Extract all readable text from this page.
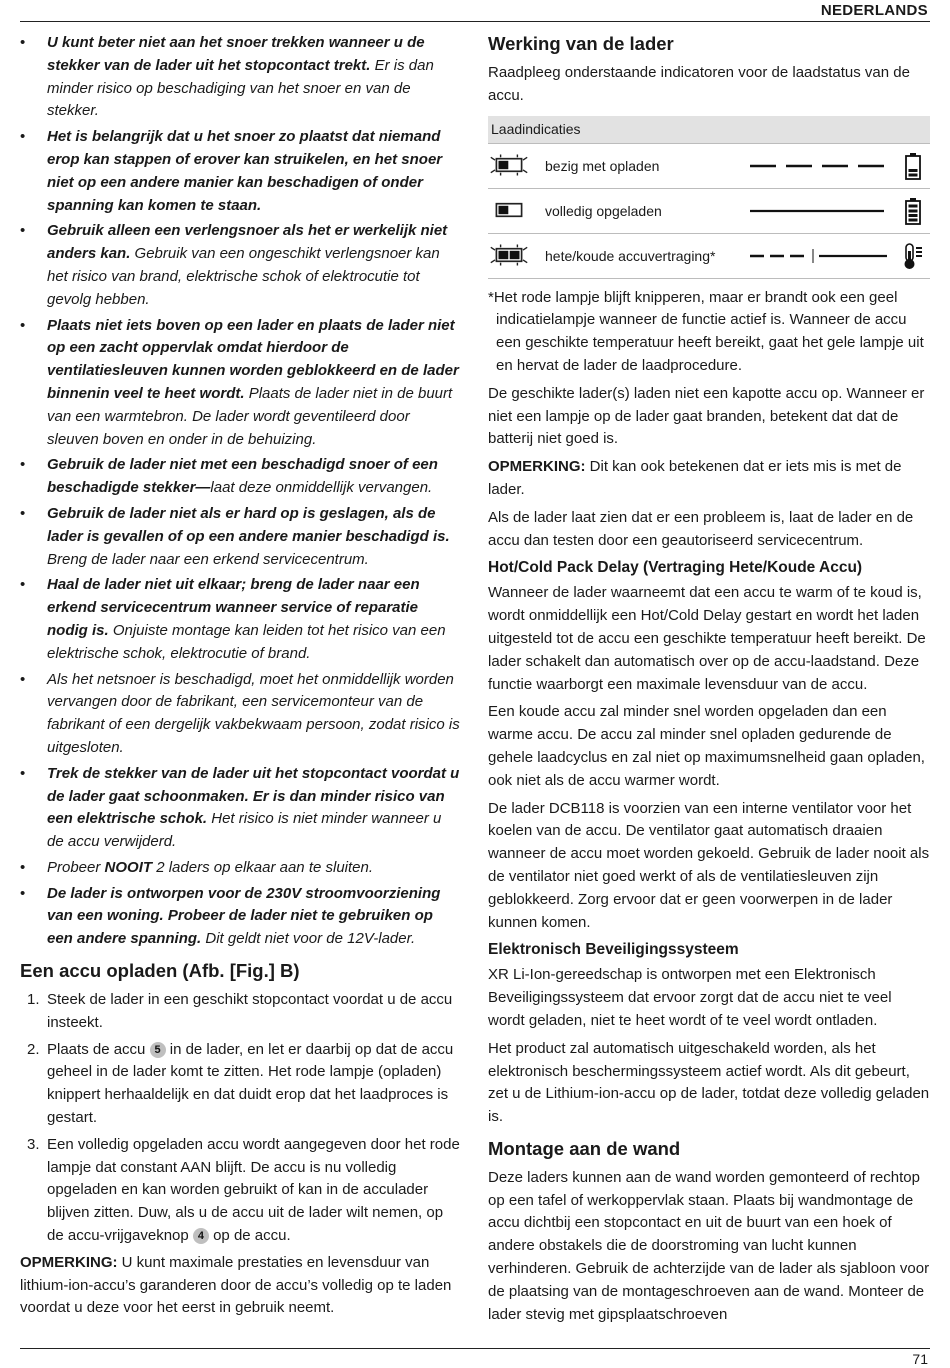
NEDERLANDS
• U kunt beter niet aan het snoer trekken wanneer u de stekker van de lader uit het stopcontact trekt. Er is dan minder risico op beschadiging van het snoer en van de stekker.
• Het is belangrijk dat u het snoer zo plaatst dat niemand erop kan stappen of erover kan struikelen, en het snoer niet op een andere manier kan beschadigen of onder spanning kan komen te staan.
• Gebruik alleen een verlengsnoer als het er werkelijk niet anders kan. Gebruik van een ongeschikt verlengsnoer kan het risico van brand, elektrische schok of elektrocutie tot gevolg hebben.
• Plaats niet iets boven op een lader en plaats de lader niet op een zacht oppervlak omdat hierdoor de ventilatiesleuven kunnen worden geblokkeerd en de lader binnenin veel te heet wordt. Plaats de lader niet in de buurt van een warmtebron. De lader wordt geventileerd door sleuven boven en onder in de behuizing.
• Gebruik de lader niet met een beschadigd snoer of een beschadigde stekker—laat deze onmiddellijk vervangen.
• Gebruik de lader niet als er hard op is geslagen, als de lader is gevallen of op een andere manier beschadigd is. Breng de lader naar een erkend servicecentrum.
• Haal de lader niet uit elkaar; breng de lader naar een erkend servicecentrum wanneer service of reparatie nodig is. Onjuiste montage kan leiden tot het risico van een elektrische schok, elektrocutie of brand.
• Als het netsnoer is beschadigd, moet het onmiddellijk worden vervangen door de fabrikant, een servicemonteur van de fabrikant of een dergelijk vakbekwaam persoon, zodat risico is uitgesloten.
• Trek de stekker van de lader uit het stopcontact voordat u de lader gaat schoonmaken. Er is dan minder risico van een elektrische schok. Het risico is niet minder wanneer u de accu verwijderd.
• Probeer NOOIT 2 laders op elkaar aan te sluiten.
• De lader is ontworpen voor de 230V stroomvoorziening van een woning. Probeer de lader niet te gebruiken op een andere spanning. Dit geldt niet voor de 12V-lader.
Een accu opladen (Afb. [Fig.] B)
1. Steek de lader in een geschikt stopcontact voordat u de accu insteekt.
2. Plaats de accu 5 in de lader, en let er daarbij op dat de accu geheel in de lader komt te zitten. Het rode lampje (opladen) knippert herhaaldelijk en dat duidt erop dat het laadproces is gestart.
3. Een volledig opgeladen accu wordt aangegeven door het rode lampje dat constant AAN blijft. De accu is nu volledig opgeladen en kan worden gebruikt of kan in de acculader blijven zitten. Duw, als u de accu uit de lader wilt nemen, op de accu-vrijgaveknop 4 op de accu.

OPMERKING: U kunt maximale prestaties en levensduur van lithium-ion-accu’s garanderen door de accu’s volledig op te laden voordat u deze voor het eerst in gebruik neemt.

Werking van de lader

Raadpleeg onderstaande indicatoren voor de laadstatus van de accu.

Laadindicaties
bezig met opladen
volledig opgeladen
hete/koude accuvertraging*

*Het rode lampje blijft knipperen, maar er brandt ook een geel indicatielampje wanneer de functie actief is. Wanneer de accu een geschikte temperatuur heeft bereikt, gaat het gele lampje uit en hervat de lader de laadprocedure.

De geschikte lader(s) laden niet een kapotte accu op. Wanneer er niet een lampje op de lader gaat branden, betekent dat dat de batterij niet goed is.

OPMERKING: Dit kan ook betekenen dat er iets mis is met de lader.

Als de lader laat zien dat er een probleem is, laat de lader en de accu dan testen door een geautoriseerd servicecentrum.

Hot/Cold Pack Delay (Vertraging Hete/Koude Accu)

Wanneer de lader waarneemt dat een accu te warm of te koud is, wordt onmiddellijk een Hot/Cold Delay gestart en wordt het laden uitgesteld tot de accu een geschikte temperatuur heeft bereikt. De lader schakelt dan automatisch over op de accu-laadstand. Deze functie waarborgt een maximale levensduur van de accu.

Een koude accu zal minder snel worden opgeladen dan een warme accu. De accu zal minder snel opladen gedurende de gehele laadcyclus en zal niet op maximumsnelheid gaan opladen, ook niet als de accu warmer wordt.

De lader DCB118 is voorzien van een interne ventilator voor het koelen van de accu. De ventilator gaat automatisch draaien wanneer de accu moet worden gekoeld. Gebruik de lader nooit als de ventilator niet goed werkt of als de ventilatiesleuven zijn geblokkeerd. Zorg ervoor dat er geen voorwerpen in de lader kunnen komen.

Elektronisch Beveiligingssysteem

XR Li-Ion-gereedschap is ontworpen met een Elektronisch Beveiligingssysteem dat ervoor zorgt dat de accu niet te veel wordt geladen, niet te heet wordt of te veel wordt ontladen.

Het product zal automatisch uitgeschakeld worden, als het elektronisch beschermingssysteem actief wordt. Als dit gebeurt, zet u de Lithium-ion-accu op de lader, totdat deze volledig geladen is.

Montage aan de wand

Deze laders kunnen aan de wand worden gemonteerd of rechtop op een tafel of werkoppervlak staan. Plaats bij wandmontage de accu dichtbij een stopcontact en uit de buurt van een hoek of andere obstakels die de doorstroming van lucht kunnen verhinderen. Gebruik de achterzijde van de lader als sjabloon voor de plaatsing van de montageschroeven aan de wand. Monteer de lader stevig met gipsplaatschroeven

71
